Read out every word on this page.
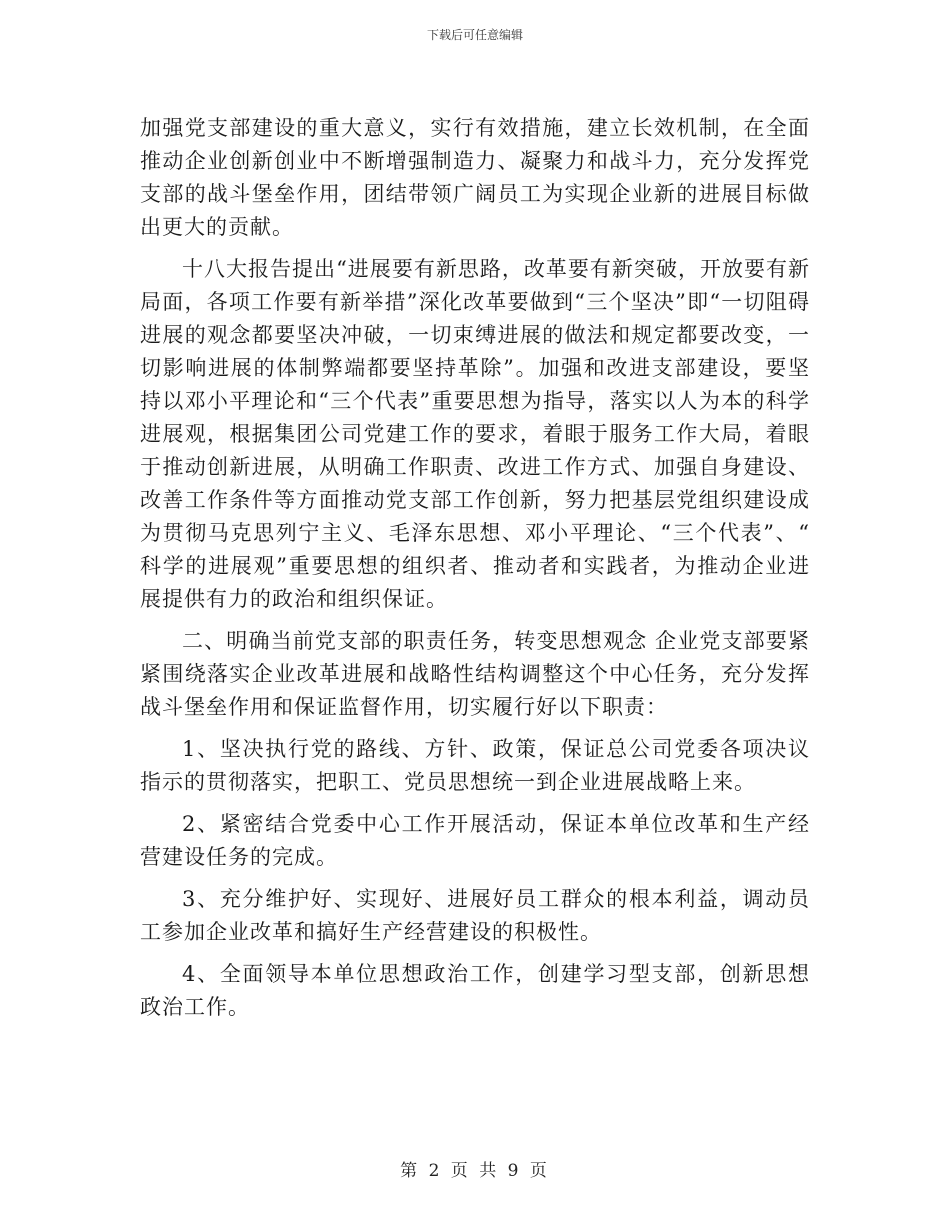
下载后可任意编辑

加强党支部建设的重大意义，实行有效措施，建立长效机制，在全面推动企业创新创业中不断增强制造力、凝聚力和战斗力，充分发挥党支部的战斗堡垒作用，团结带领广阔员工为实现企业新的进展目标做出更大的贡献。

十八大报告提出“进展要有新思路，改革要有新突破，开放要有新局面，各项工作要有新举措”深化改革要做到“三个坚决”即“一切阻碍进展的观念都要坚决冲破，一切束缚进展的做法和规定都要改变，一切影响进展的体制弊端都要坚持革除”。加强和改进支部建设，要坚持以邓小平理论和“三个代表”重要思想为指导，落实以人为本的科学进展观，根据集团公司党建工作的要求，着眼于服务工作大局，着眼于推动创新进展，从明确工作职责、改进工作方式、加强自身建设、改善工作条件等方面推动党支部工作创新，努力把基层党组织建设成为贯彻马克思列宁主义、毛泽东思想、邓小平理论、“三个代表”、“ 科学的进展观”重要思想的组织者、推动者和实践者，为推动企业进展提供有力的政治和组织保证。

二、明确当前党支部的职责任务，转变思想观念 企业党支部要紧紧围绕落实企业改革进展和战略性结构调整这个中心任务，充分发挥战斗堡垒作用和保证监督作用，切实履行好以下职责：

1、坚决执行党的路线、方针、政策，保证总公司党委各项决议指示的贯彻落实，把职工、党员思想统一到企业进展战略上来。

2、紧密结合党委中心工作开展活动，保证本单位改革和生产经营建设任务的完成。

3、充分维护好、实现好、进展好员工群众的根本利益，调动员工参加企业改革和搞好生产经营建设的积极性。

4、全面领导本单位思想政治工作，创建学习型支部，创新思想政治工作。

第 2 页 共 9 页
